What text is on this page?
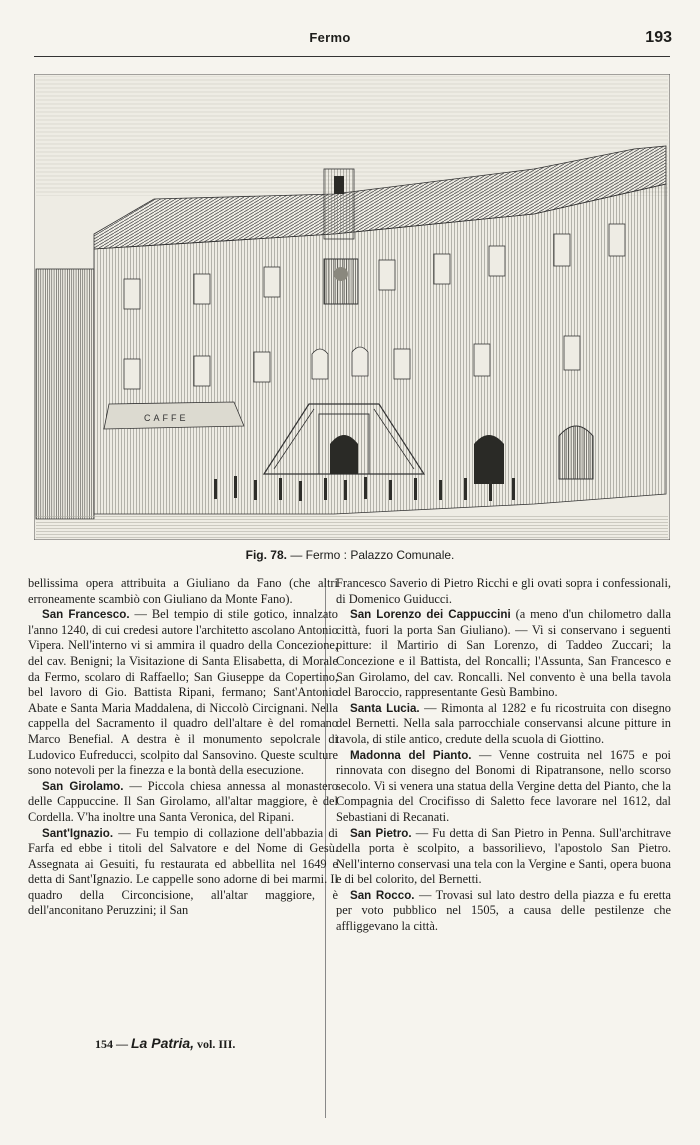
Fermo	193
CAFFE
Fig. 78. — Fermo : Palazzo Comunale.

bellissima opera attribuita a Giuliano da Fano (che altri erroneamente scambiò con Giuliano da Monte Fano).

San Francesco. — Bel tempio di stile gotico, innalzato l'anno 1240, di cui credesi autore l'architetto ascolano Antonio Vipera. Nell'interno vi si ammira il quadro della Concezione, del cav. Benigni; la Visitazione di Santa Elisabetta, di Morale da Fermo, scolaro di Raffaello; San Giuseppe da Copertino, bel lavoro di Gio. Battista Ripani, fermano; Sant'Antonio Abate e Santa Maria Maddalena, di Niccolò Circignani. Nella cappella del Sacramento il quadro dell'altare è del romano Marco Benefial. A destra è il monumento sepolcrale di Ludovico Eufreducci, scolpito dal Sansovino. Queste sculture sono notevoli per la finezza e la bontà della esecuzione.

San Girolamo. — Piccola chiesa annessa al monastero delle Cappuccine. Il San Girolamo, all'altar maggiore, è del Cordella. V'ha inoltre una Santa Veronica, del Ripani.

Sant'Ignazio. — Fu tempio di collazione dell'abbazia di Farfa ed ebbe i titoli del Salvatore e del Nome di Gesù. Assegnata ai Gesuiti, fu restaurata ed abbellita nel 1649 e detta di Sant'Ignazio. Le cappelle sono adorne di bei marmi. Il quadro della Circoncisione, all'altar maggiore, è dell'anconitano Peruzzini; il San

Francesco Saverio di Pietro Ricchi e gli ovati sopra i confessionali, di Domenico Guiducci.

San Lorenzo dei Cappuccini (a meno d'un chilometro dalla città, fuori la porta San Giuliano). — Vi si conservano i seguenti pitture: il Martirio di San Lorenzo, di Taddeo Zuccari; la Concezione e il Battista, del Roncalli; l'Assunta, San Francesco e San Girolamo, del cav. Roncalli. Nel convento è una bella tavola del Baroccio, rappresentante Gesù Bambino.

Santa Lucia. — Rimonta al 1282 e fu ricostruita con disegno del Bernetti. Nella sala parrocchiale conservansi alcune pitture in tavola, di stile antico, credute della scuola di Giottino.

Madonna del Pianto. — Venne costruita nel 1675 e poi rinnovata con disegno del Bonomi di Ripatransone, nello scorso secolo. Vi si venera una statua della Vergine detta del Pianto, che la Compagnia del Crocifisso di Saletto fece lavorare nel 1612, dal Sebastiani di Recanati.

San Pietro. — Fu detta di San Pietro in Penna. Sull'architrave della porta è scolpito, a bassorilievo, l'apostolo San Pietro. Nell'interno conservasi una tela con la Vergine e Santi, opera buona e di bel colorito, del Bernetti.

San Rocco. — Trovasi sul lato destro della piazza e fu eretta per voto pubblico nel 1505, a causa delle pestilenze che affliggevano la città.

154 — La Patria, vol. III.
